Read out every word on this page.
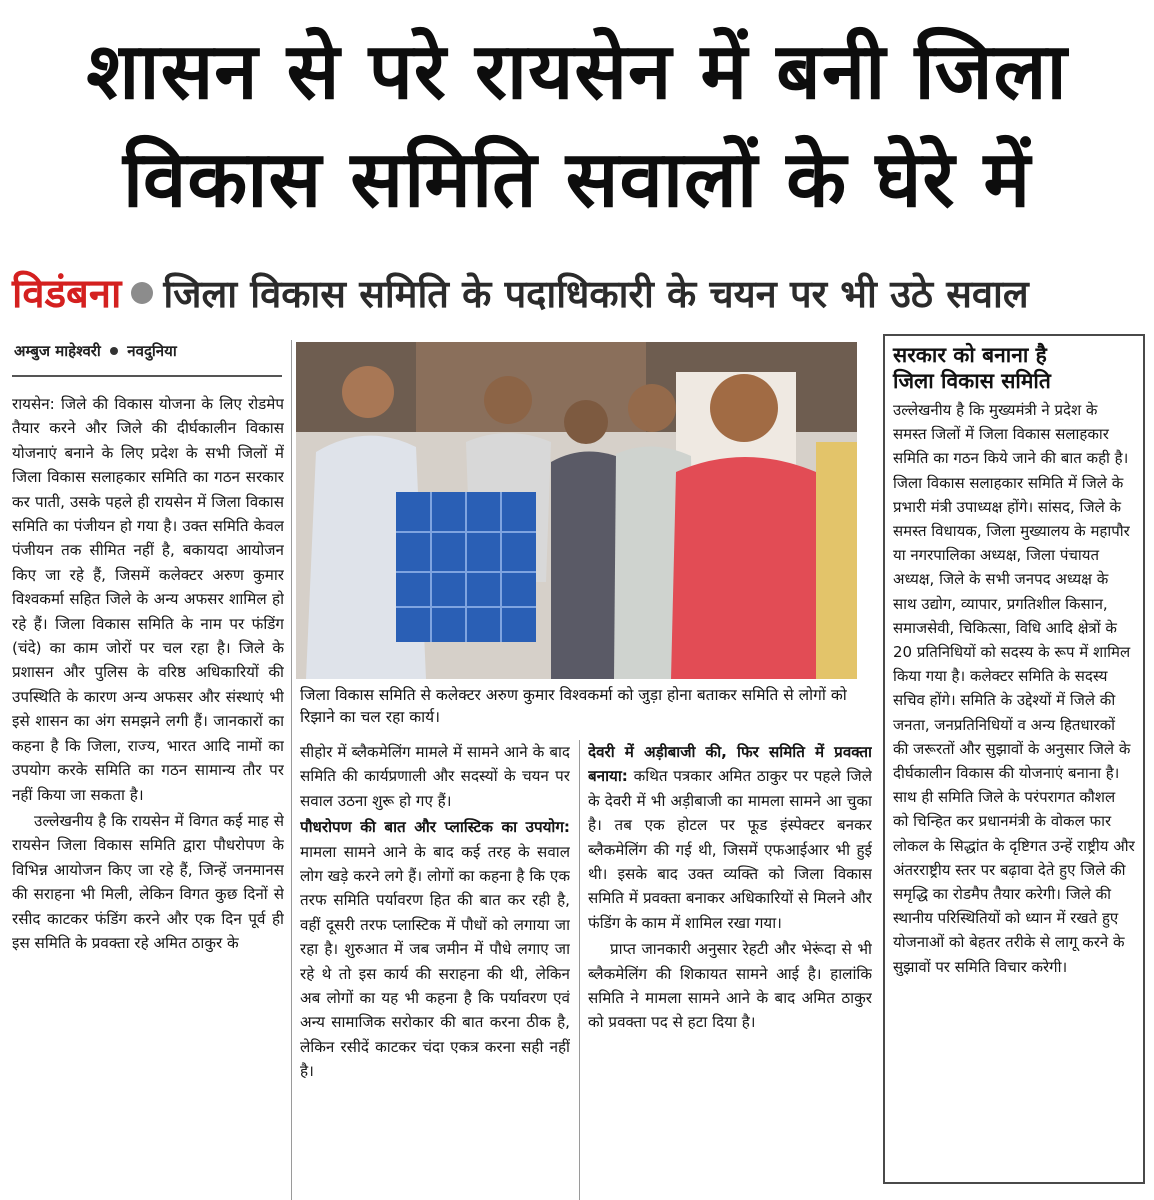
शासन से परे रायसेन में बनी जिला
विकास समिति सवालों के घेरे में
विडंबना जिला विकास समिति के पदाधिकारी के चयन पर भी उठे सवाल
अम्बुज माहेश्वरी नवदुनिया

रायसेन: जिले की विकास योजना के लिए रोडमेप तैयार करने और जिले की दीर्घकालीन विकास योजनाएं बनाने के लिए प्रदेश के सभी जिलों में जिला विकास सलाहकार समिति का गठन सरकार कर पाती, उसके पहले ही रायसेन में जिला विकास समिति का पंजीयन हो गया है। उक्त समिति केवल पंजीयन तक सीमित नहीं है, बकायदा आयोजन किए जा रहे हैं, जिसमें कलेक्टर अरुण कुमार विश्वकर्मा सहित जिले के अन्य अफसर शामिल हो रहे हैं। जिला विकास समिति के नाम पर फंडिंग (चंदे) का काम जोरों पर चल रहा है। जिले के प्रशासन और पुलिस के वरिष्ठ अधिकारियों की उपस्थिति के कारण अन्य अफसर और संस्थाएं भी इसे शासन का अंग समझने लगी हैं। जानकारों का कहना है कि जिला, राज्य, भारत आदि नामों का उपयोग करके समिति का गठन सामान्य तौर पर नहीं किया जा सकता है।

उल्लेखनीय है कि रायसेन में विगत कई माह से रायसेन जिला विकास समिति द्वारा पौधरोपण के विभिन्न आयोजन किए जा रहे हैं, जिन्हें जनमानस की सराहना भी मिली, लेकिन विगत कुछ दिनों से रसीद काटकर फंडिंग करने और एक दिन पूर्व ही इस समिति के प्रवक्ता रहे अमित ठाकुर के

जिला विकास समिति से कलेक्टर अरुण कुमार विश्वकर्मा को जुड़ा होना बताकर समिति से लोगों को रिझाने का चल रहा कार्य।

सीहोर में ब्लैकमेलिंग मामले में सामने आने के बाद समिति की कार्यप्रणाली और सदस्यों के चयन पर सवाल उठना शुरू हो गए हैं।

पौधरोपण की बात और प्लास्टिक का उपयोग: मामला सामने आने के बाद कई तरह के सवाल लोग खड़े करने लगे हैं। लोगों का कहना है कि एक तरफ समिति पर्यावरण हित की बात कर रही है, वहीं दूसरी तरफ प्लास्टिक में पौधों को लगाया जा रहा है। शुरुआत में जब जमीन में पौधे लगाए जा रहे थे तो इस कार्य की सराहना की थी, लेकिन अब लोगों का यह भी कहना है कि पर्यावरण एवं अन्य सामाजिक सरोकार की बात करना ठीक है, लेकिन रसीदें काटकर चंदा एकत्र करना सही नहीं है।

देवरी में अड़ीबाजी की, फिर समिति में प्रवक्ता बनाया: कथित पत्रकार अमित ठाकुर पर पहले जिले के देवरी में भी अड़ीबाजी का मामला सामने आ चुका है। तब एक होटल पर फूड इंस्पेक्टर बनकर ब्लैकमेलिंग की गई थी, जिसमें एफआईआर भी हुई थी। इसके बाद उक्त व्यक्ति को जिला विकास समिति में प्रवक्ता बनाकर अधिकारियों से मिलने और फंडिंग के काम में शामिल रखा गया।

प्राप्त जानकारी अनुसार रेहटी और भेरूंदा से भी ब्लैकमेलिंग की शिकायत सामने आई है। हालांकि समिति ने मामला सामने आने के बाद अमित ठाकुर को प्रवक्ता पद से हटा दिया है।

सरकार को बनाना है
जिला विकास समिति
उल्लेखनीय है कि मुख्यमंत्री ने प्रदेश के समस्त जिलों में जिला विकास सलाहकार समिति का गठन किये जाने की बात कही है। जिला विकास सलाहकार समिति में जिले के प्रभारी मंत्री उपाध्यक्ष होंगे। सांसद, जिले के समस्त विधायक, जिला मुख्यालय के महापौर या नगरपालिका अध्यक्ष, जिला पंचायत अध्यक्ष, जिले के सभी जनपद अध्यक्ष के साथ उद्योग, व्यापार, प्रगतिशील किसान, समाजसेवी, चिकित्सा, विधि आदि क्षेत्रों के 20 प्रतिनिधियों को सदस्य के रूप में शामिल किया गया है। कलेक्टर समिति के सदस्य सचिव होंगे। समिति के उद्देश्यों में जिले की जनता, जनप्रतिनिधियों व अन्य हितधारकों की जरूरतों और सुझावों के अनुसार जिले के दीर्घकालीन विकास की योजनाएं बनाना है। साथ ही समिति जिले के परंपरागत कौशल को चिन्हित कर प्रधानमंत्री के वोकल फार लोकल के सिद्धांत के दृष्टिगत उन्हें राष्ट्रीय और अंतरराष्ट्रीय स्तर पर बढ़ावा देते हुए जिले की समृद्धि का रोडमैप तैयार करेगी। जिले की स्थानीय परिस्थितियों को ध्यान में रखते हुए योजनाओं को बेहतर तरीके से लागू करने के सुझावों पर समिति विचार करेगी।
